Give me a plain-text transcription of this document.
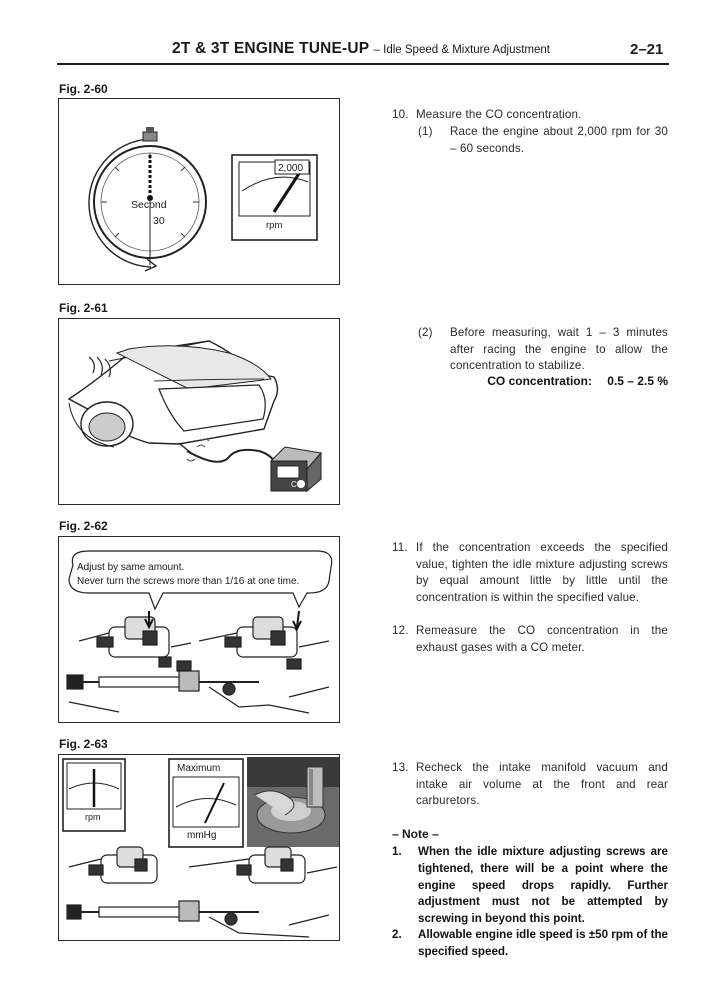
2T & 3T ENGINE TUNE-UP – Idle Speed & Mixture Adjustment	2–21
Fig. 2-60
Second
30
2,000
rpm
Fig. 2-61
CO
Fig. 2-62
Adjust by same amount.
Never turn the screws more than 1/16 at one time.
Fig. 2-63
rpm
Maximum
mmHg
10. Measure the CO concentration.
(1)	Race the engine about 2,000 rpm for 30 – 60 seconds.
(2)	Before measuring, wait 1 – 3 minutes after racing the engine to allow the concentration to stabilize.
CO concentration: 0.5 – 2.5 %
11. If the concentration exceeds the specified value, tighten the idle mixture adjusting screws by equal amount little by little until the concentration is within the specified value.
12. Remeasure the CO concentration in the exhaust gases with a CO meter.
13. Recheck the intake manifold vacuum and intake air volume at the front and rear carburetors.
– Note –
1.	When the idle mixture adjusting screws are tightened, there will be a point where the engine speed drops rapidly. Further adjustment must not be attempted by screwing in beyond this point.
2.	Allowable engine idle speed is ±50 rpm of the specified speed.
